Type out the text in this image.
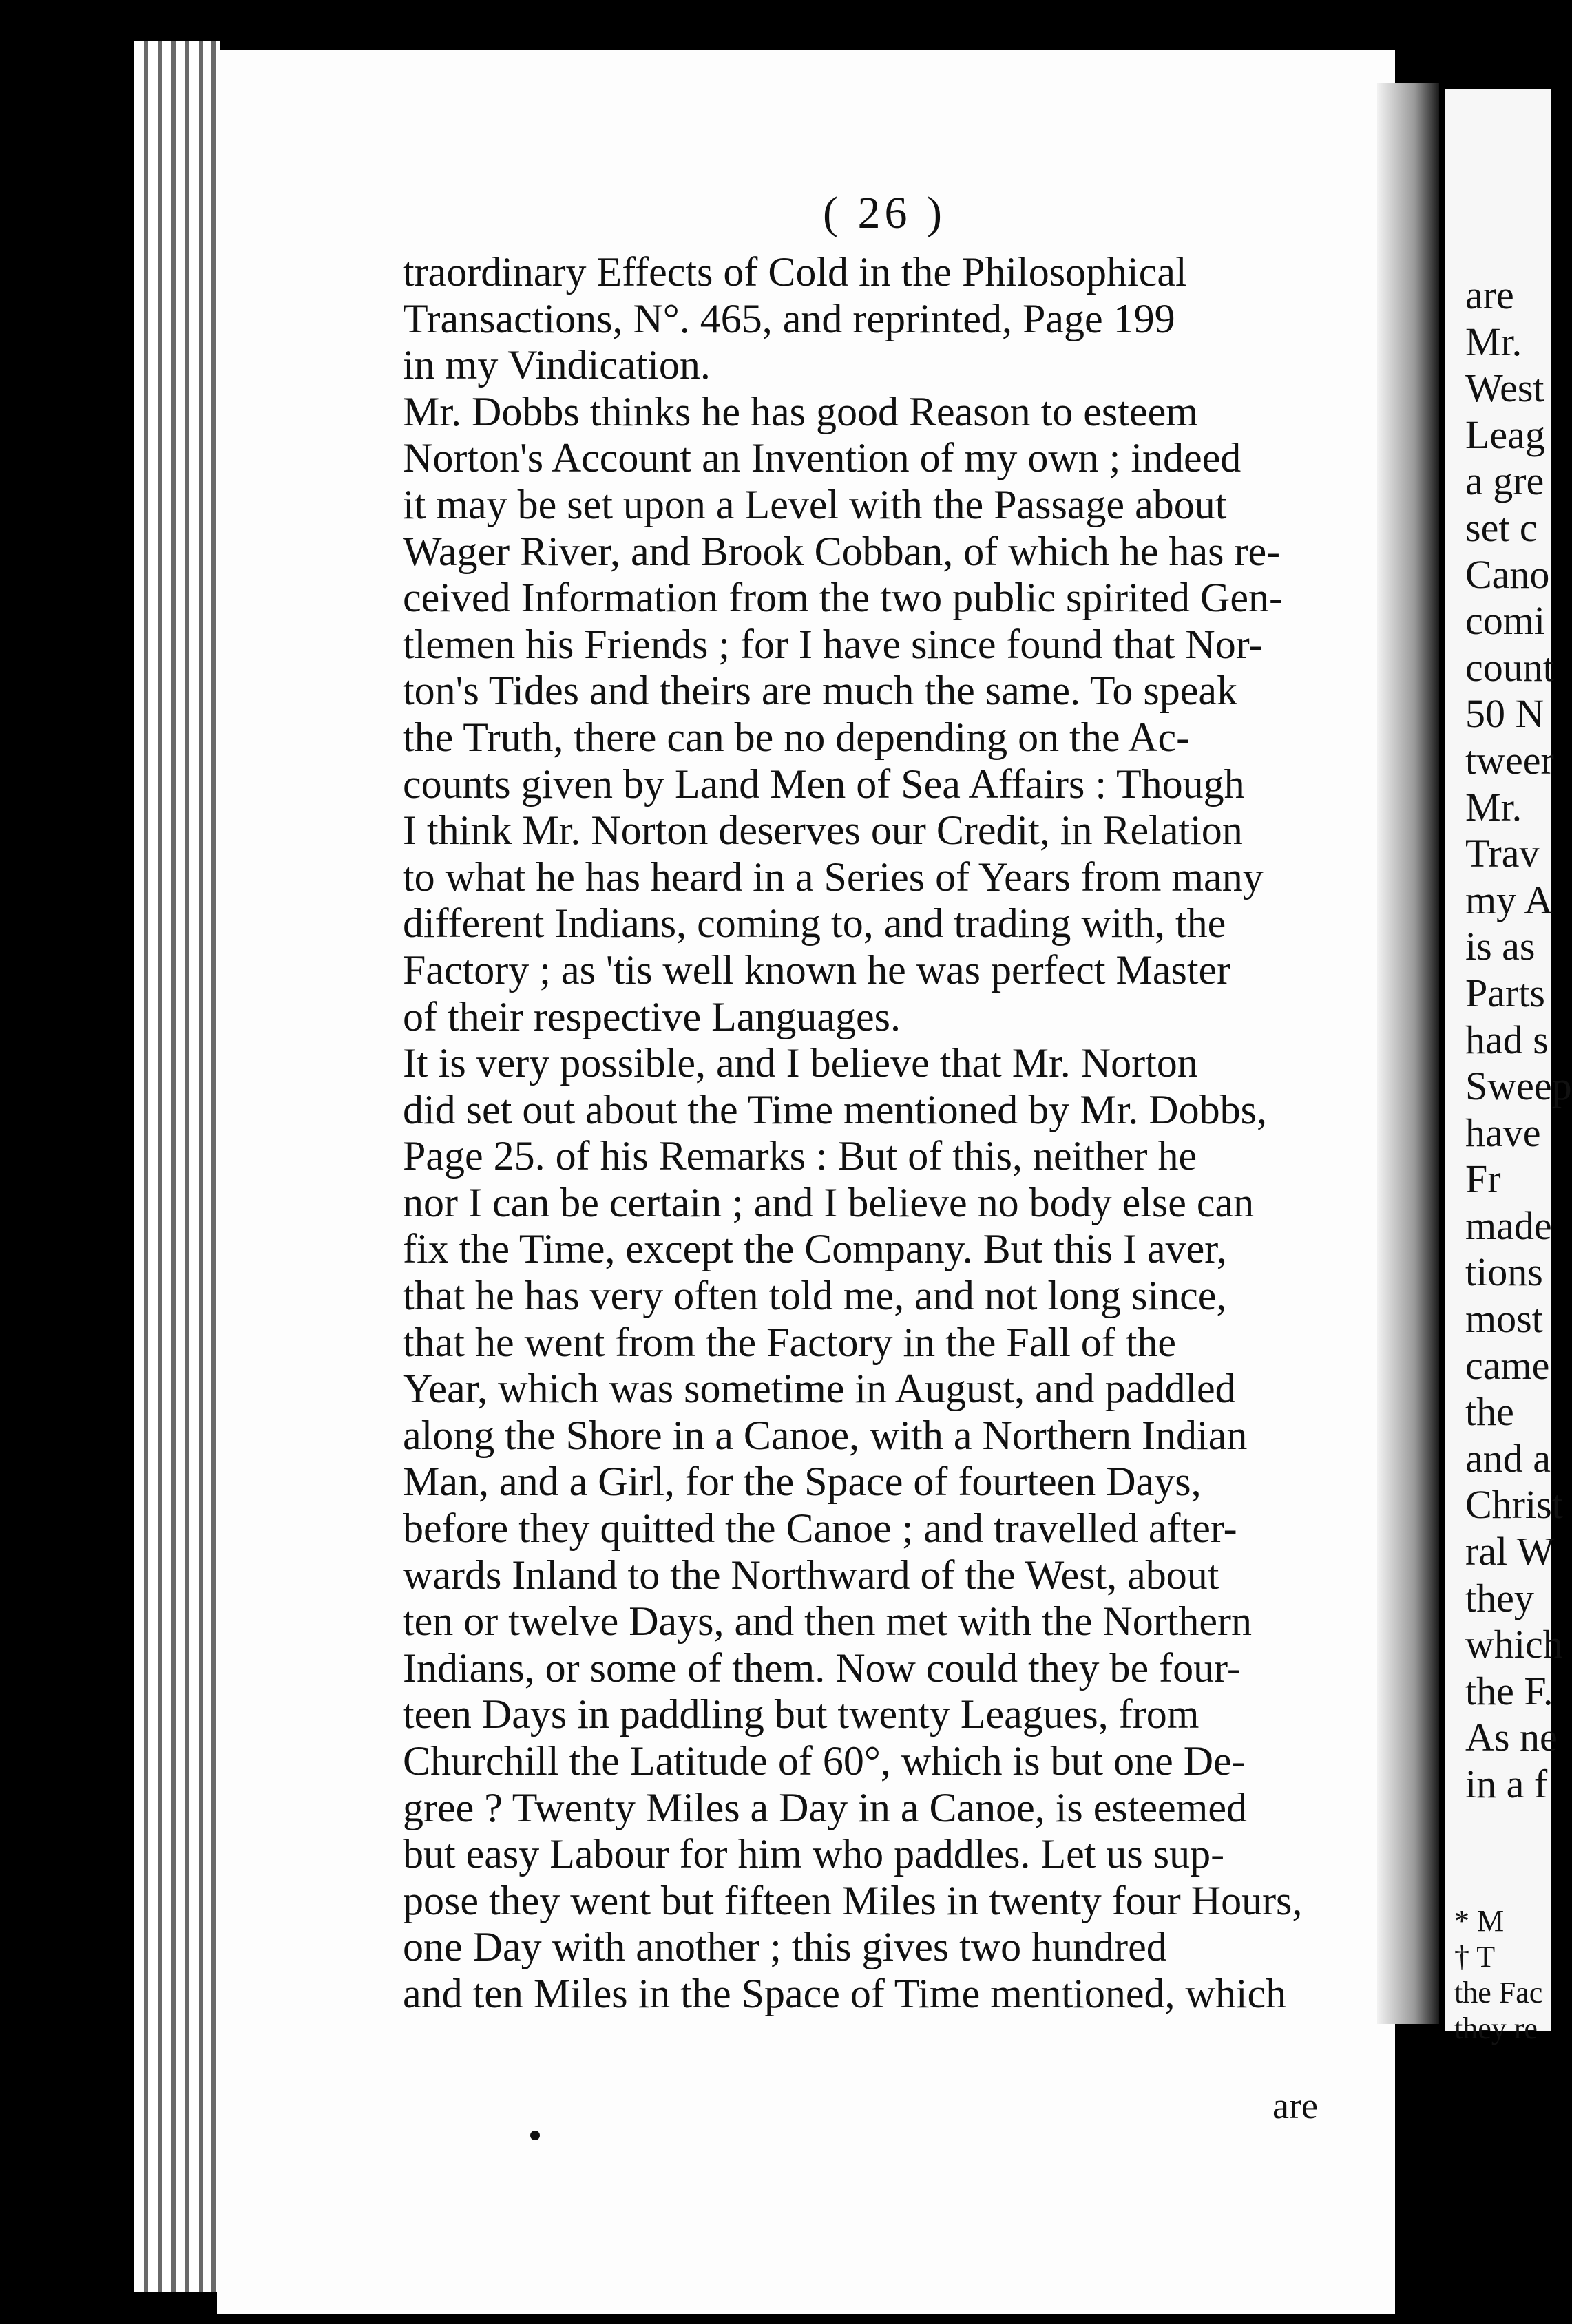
( 26 )
traordinary Effects of Cold in the Philosophical
Transactions, N°. 465, and reprinted, Page 199
in my Vindication.
Mr. Dobbs thinks he has good Reason to esteem
Norton's Account an Invention of my own ; indeed
it may be set upon a Level with the Passage about
Wager River, and Brook Cobban, of which he has re-
ceived Information from the two public spirited Gen-
tlemen his Friends ; for I have since found that Nor-
ton's Tides and theirs are much the same. To speak
the Truth, there can be no depending on the Ac-
counts given by Land Men of Sea Affairs : Though
I think Mr. Norton deserves our Credit, in Relation
to what he has heard in a Series of Years from many
different Indians, coming to, and trading with, the
Factory ; as 'tis well known he was perfect Master
of their respective Languages.
It is very possible, and I believe that Mr. Norton
did set out about the Time mentioned by Mr. Dobbs,
Page 25. of his Remarks : But of this, neither he
nor I can be certain ; and I believe no body else can
fix the Time, except the Company. But this I aver,
that he has very often told me, and not long since,
that he went from the Factory in the Fall of the
Year, which was sometime in August, and paddled
along the Shore in a Canoe, with a Northern Indian
Man, and a Girl, for the Space of fourteen Days,
before they quitted the Canoe ; and travelled after-
wards Inland to the Northward of the West, about
ten or twelve Days, and then met with the Northern
Indians, or some of them. Now could they be four-
teen Days in paddling but twenty Leagues, from
Churchill the Latitude of 60°, which is but one De-
gree ? Twenty Miles a Day in a Canoe, is esteemed
but easy Labour for him who paddles. Let us sup-
pose they went but fifteen Miles in twenty four Hours,
one Day with another ; this gives two hundred
and ten Miles in the Space of Time mentioned, which
are
are
Mr.
West
Leag
a gre
set c
Cano
comi
count
50 N
tweer
Mr.
Trav
my A
is as
Parts
had s
Sweep
have
Fr
made
tions
most
came
the
and a
Christ
ral W
they
which
the F.
As ne
in a f
* M
† T
the Fac
they re
